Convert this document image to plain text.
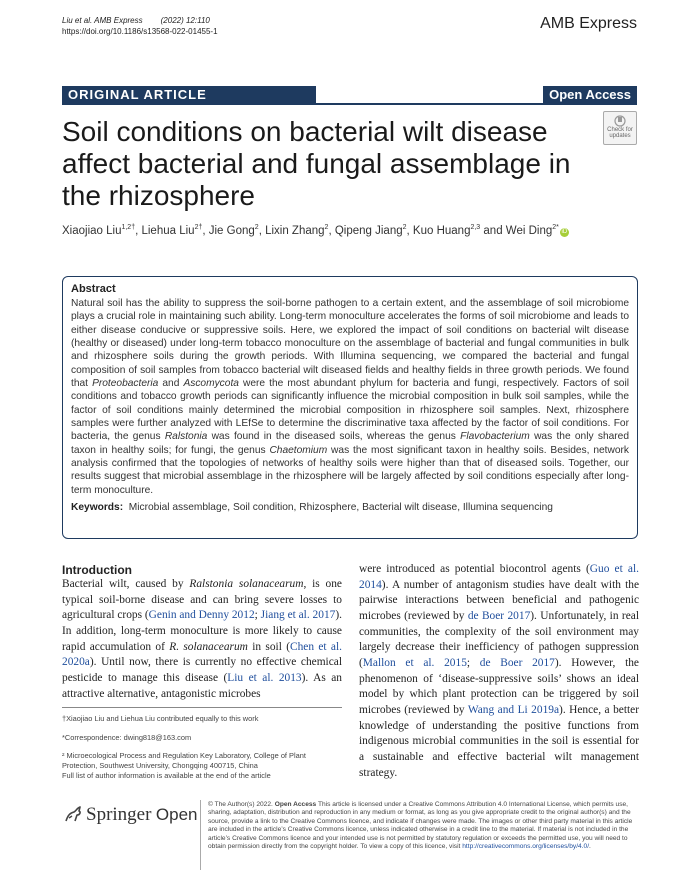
Liu et al. AMB Express (2022) 12:110
https://doi.org/10.1186/s13568-022-01455-1	AMB Express
ORIGINAL ARTICLE	Open Access
Soil conditions on bacterial wilt disease affect bacterial and fungal assemblage in the rhizosphere
Check for updates
Xiaojiao Liu$^{1,2\dagger}$, Liehua Liu$^{2\dagger}$, Jie Gong$^2$, Lixin Zhang$^2$, Qipeng Jiang$^2$, Kuo Huang$^{2,3}$ and Wei Ding$^{2*}$iD
Abstract

Natural soil has the ability to suppress the soil-borne pathogen to a certain extent, and the assemblage of soil microbiome plays a crucial role in maintaining such ability. Long-term monoculture accelerates the forms of soil microbiome and leads to either disease conducive or suppressive soils. Here, we explored the impact of soil conditions on bacterial wilt disease (healthy or diseased) under long-term tobacco monoculture on the assemblage of bacterial and fungal communities in bulk and rhizosphere soils during the growth periods. With Illumina sequencing, we compared the bacterial and fungal composition of soil samples from tobacco bacterial wilt diseased fields and healthy fields in three growth periods. We found that Proteobacteria and Ascomycota were the most abundant phylum for bacteria and fungi, respectively. Factors of soil conditions and tobacco growth periods can significantly influence the microbial composition in bulk soil samples, while the factor of soil conditions mainly determined the microbial composition in rhizosphere soil samples. Next, rhizosphere samples were further analyzed with LEfSe to determine the discriminative taxa affected by the factor of soil conditions. For bacteria, the genus Ralstonia was found in the diseased soils, whereas the genus Flavobacterium was the only shared taxon in healthy soils; for fungi, the genus Chaetomium was the most significant taxon in healthy soils. Besides, network analysis confirmed that the topologies of networks of healthy soils were higher than that of diseased soils. Together, our results suggest that microbial assemblage in the rhizosphere will be largely affected by soil conditions especially after long-term monoculture.

Keywords: Microbial assemblage, Soil condition, Rhizosphere, Bacterial wilt disease, Illumina sequencing
Introduction
Bacterial wilt, caused by Ralstonia solanacearum, is one typical soil-borne disease and can bring severe losses to agricultural crops (Genin and Denny 2012; Jiang et al. 2017). In addition, long-term monoculture is more likely to cause rapid accumulation of R. solanacearum in soil (Chen et al. 2020a). Until now, there is currently no effective chemical pesticide to manage this disease (Liu et al. 2013). As an attractive alternative, antagonistic microbes
were introduced as potential biocontrol agents (Guo et al. 2014). A number of antagonism studies have dealt with the pairwise interactions between beneficial and pathogenic microbes (reviewed by de Boer 2017). Unfortunately, in real communities, the complexity of the soil environment may largely decrease their inefficiency of pathogen suppression (Mallon et al. 2015; de Boer 2017). However, the phenomenon of ‘disease-suppressive soils’ shows an ideal model by which plant protection can be triggered by soil microbes (reviewed by Wang and Li 2019a). Hence, a better knowledge of understanding the positive functions from indigenous microbial communities in the soil is essential for a sustainable and effective bacterial wilt management strategy.
†Xiaojiao Liu and Liehua Liu contributed equally to this work
*Correspondence: dwing818@163.com
² Microecological Process and Regulation Key Laboratory, College of Plant Protection, Southwest University, Chongqing 400715, China
Full list of author information is available at the end of the article
Springer Open
© The Author(s) 2022. Open Access This article is licensed under a Creative Commons Attribution 4.0 International License, which permits use, sharing, adaptation, distribution and reproduction in any medium or format, as long as you give appropriate credit to the original author(s) and the source, provide a link to the Creative Commons licence, and indicate if changes were made. The images or other third party material in this article are included in the article’s Creative Commons licence, unless indicated otherwise in a credit line to the material. If material is not included in the article’s Creative Commons licence and your intended use is not permitted by statutory regulation or exceeds the permitted use, you will need to obtain permission directly from the copyright holder. To view a copy of this licence, visit http://creativecommons.org/licenses/by/4.0/.
